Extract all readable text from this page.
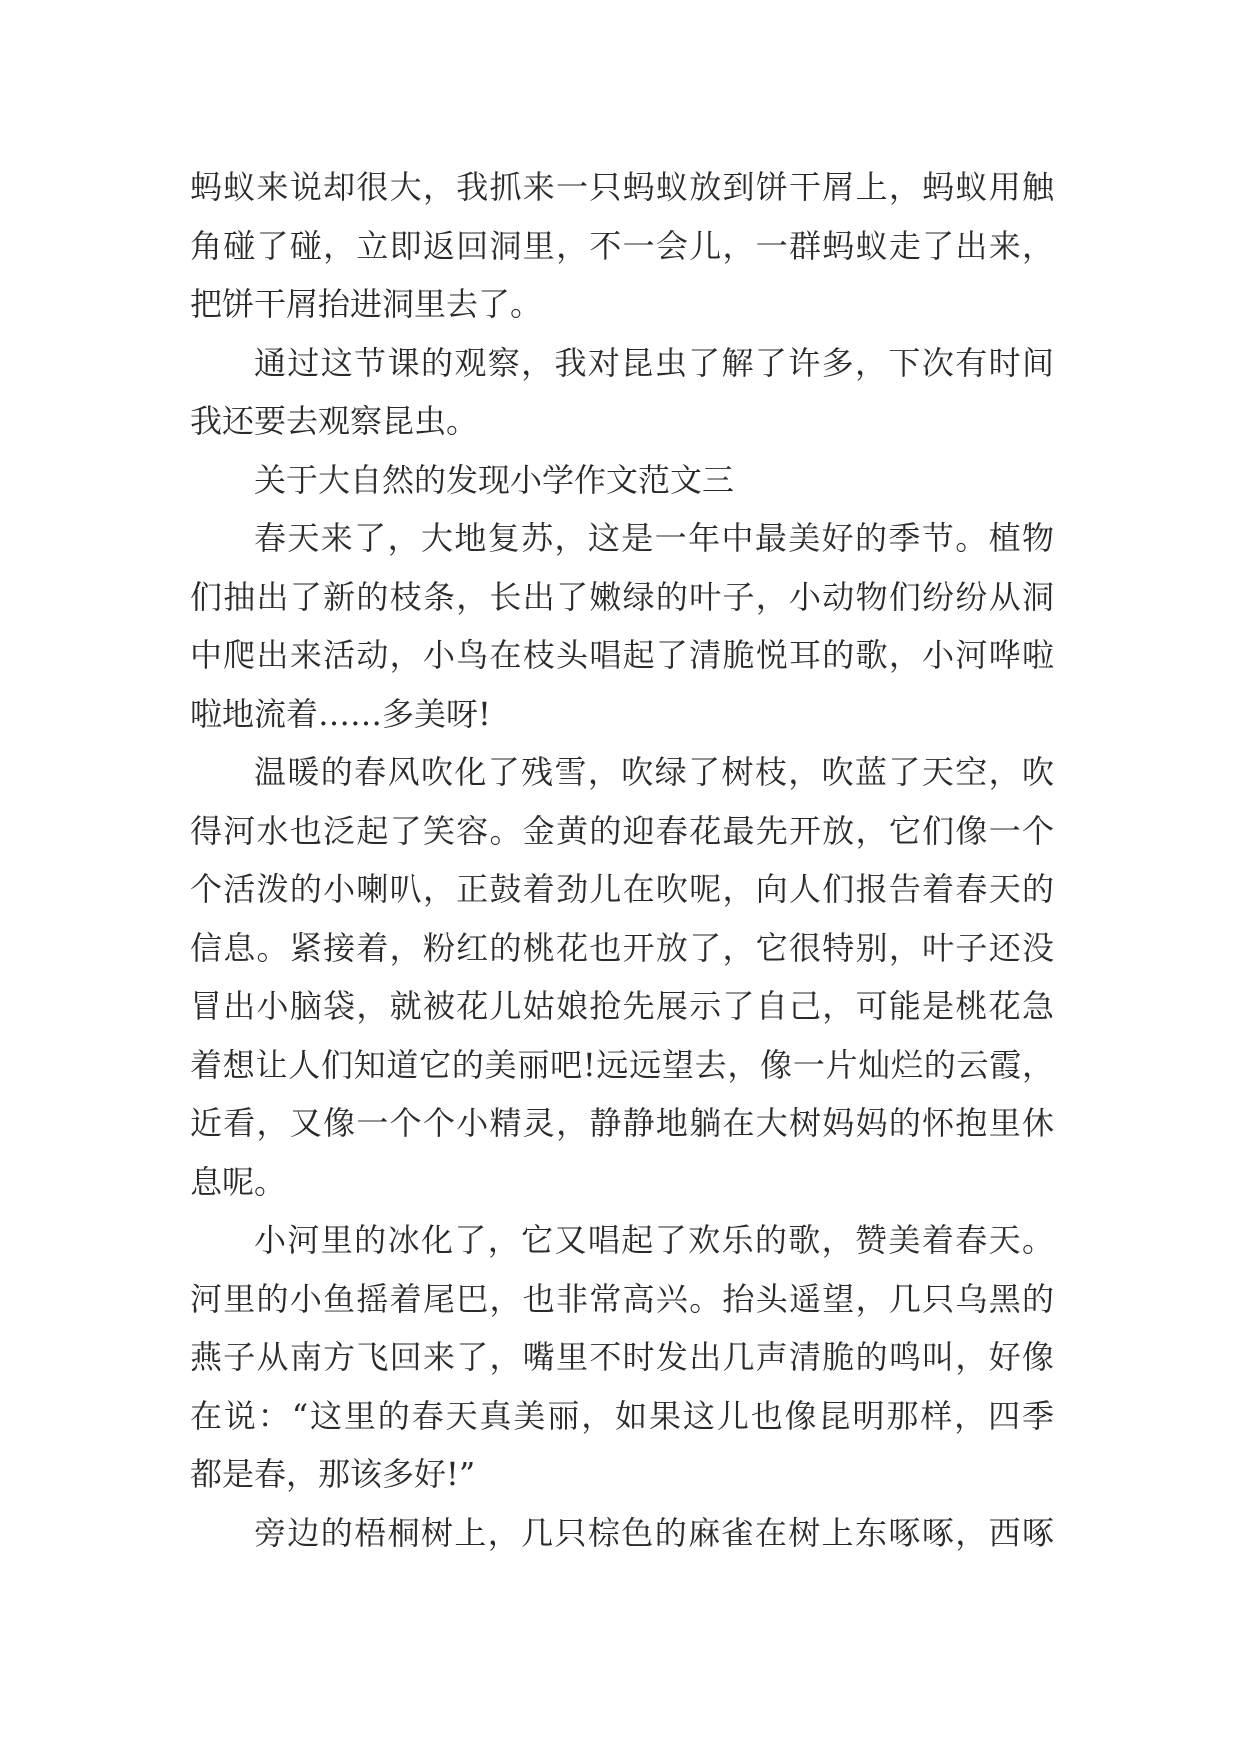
蚂蚁来说却很大，我抓来一只蚂蚁放到饼干屑上，蚂蚁用触
角碰了碰，立即返回洞里，不一会儿，一群蚂蚁走了出来，
把饼干屑抬进洞里去了。
通过这节课的观察，我对昆虫了解了许多，下次有时间
我还要去观察昆虫。
关于大自然的发现小学作文范文三
春天来了，大地复苏，这是一年中最美好的季节。植物
们抽出了新的枝条，长出了嫩绿的叶子，小动物们纷纷从洞
中爬出来活动，小鸟在枝头唱起了清脆悦耳的歌，小河哗啦
啦地流着……多美呀!
温暖的春风吹化了残雪，吹绿了树枝，吹蓝了天空，吹
得河水也泛起了笑容。金黄的迎春花最先开放，它们像一个
个活泼的小喇叭，正鼓着劲儿在吹呢，向人们报告着春天的
信息。紧接着，粉红的桃花也开放了，它很特别，叶子还没
冒出小脑袋，就被花儿姑娘抢先展示了自己，可能是桃花急
着想让人们知道它的美丽吧!远远望去，像一片灿烂的云霞，
近看，又像一个个小精灵，静静地躺在大树妈妈的怀抱里休
息呢。
小河里的冰化了，它又唱起了欢乐的歌，赞美着春天。
河里的小鱼摇着尾巴，也非常高兴。抬头遥望，几只乌黑的
燕子从南方飞回来了，嘴里不时发出几声清脆的鸣叫，好像
在说：“这里的春天真美丽，如果这儿也像昆明那样，四季
都是春，那该多好!”
旁边的梧桐树上，几只棕色的麻雀在树上东啄啄，西啄
